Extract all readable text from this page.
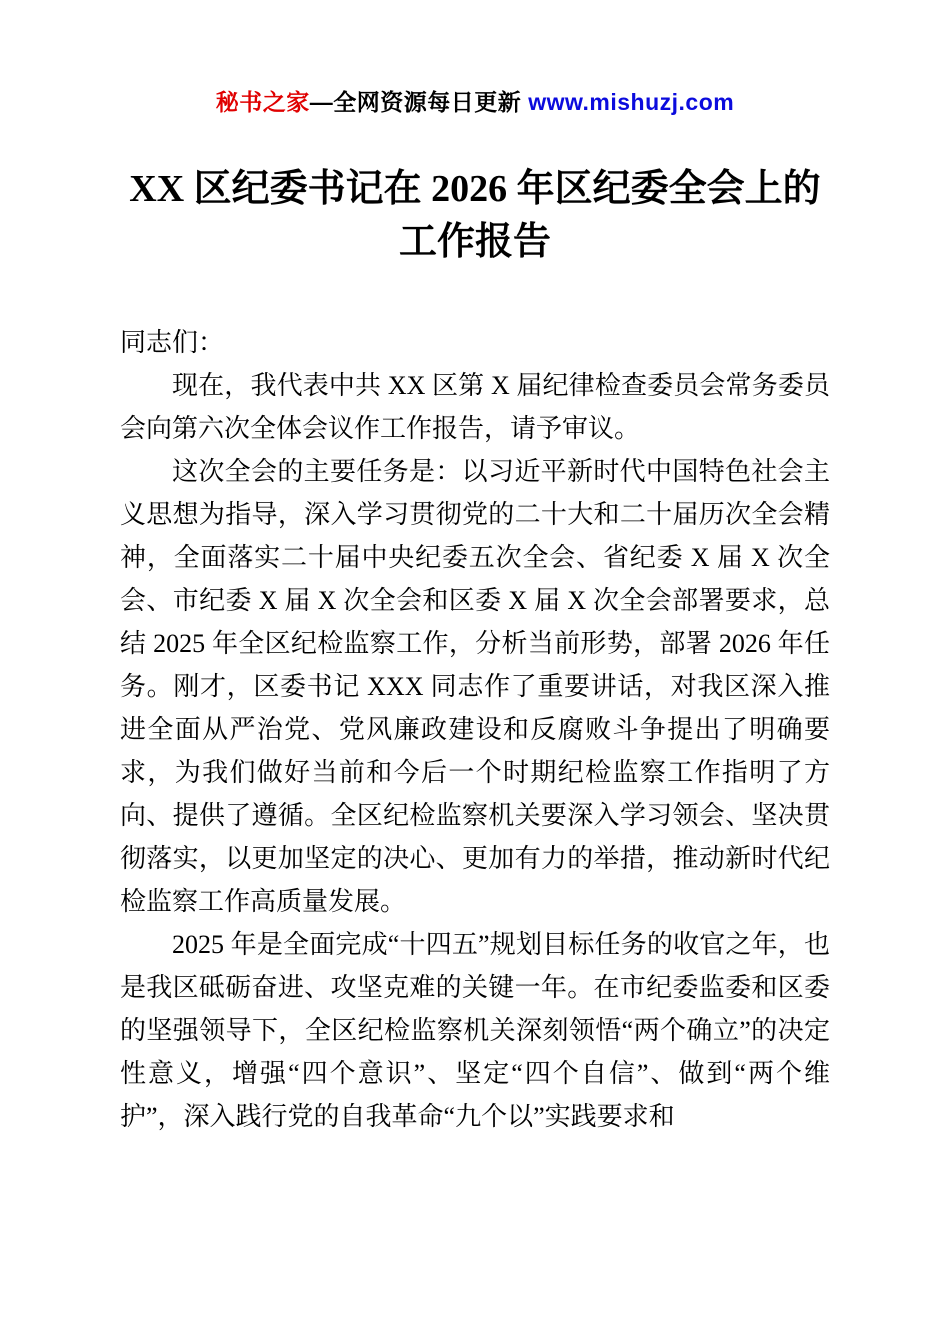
秘书之家—全网资源每日更新 www.mishuzj.com
XX 区纪委书记在 2026 年区纪委全会上的工作报告

同志们：

现在，我代表中共 XX 区第 X 届纪律检查委员会常务委员会向第六次全体会议作工作报告，请予审议。

这次全会的主要任务是：以习近平新时代中国特色社会主义思想为指导，深入学习贯彻党的二十大和二十届历次全会精神，全面落实二十届中央纪委五次全会、省纪委 X 届 X 次全会、市纪委 X 届 X 次全会和区委 X 届 X 次全会部署要求，总结 2025 年全区纪检监察工作，分析当前形势，部署 2026 年任务。刚才，区委书记 XXX 同志作了重要讲话，对我区深入推进全面从严治党、党风廉政建设和反腐败斗争提出了明确要求，为我们做好当前和今后一个时期纪检监察工作指明了方向、提供了遵循。全区纪检监察机关要深入学习领会、坚决贯彻落实，以更加坚定的决心、更加有力的举措，推动新时代纪检监察工作高质量发展。

2025 年是全面完成“十四五”规划目标任务的收官之年，也是我区砥砺奋进、攻坚克难的关键一年。在市纪委监委和区委的坚强领导下，全区纪检监察机关深刻领悟“两个确立”的决定性意义，增强“四个意识”、坚定“四个自信”、做到“两个维护”，深入践行党的自我革命“九个以”实践要求和
